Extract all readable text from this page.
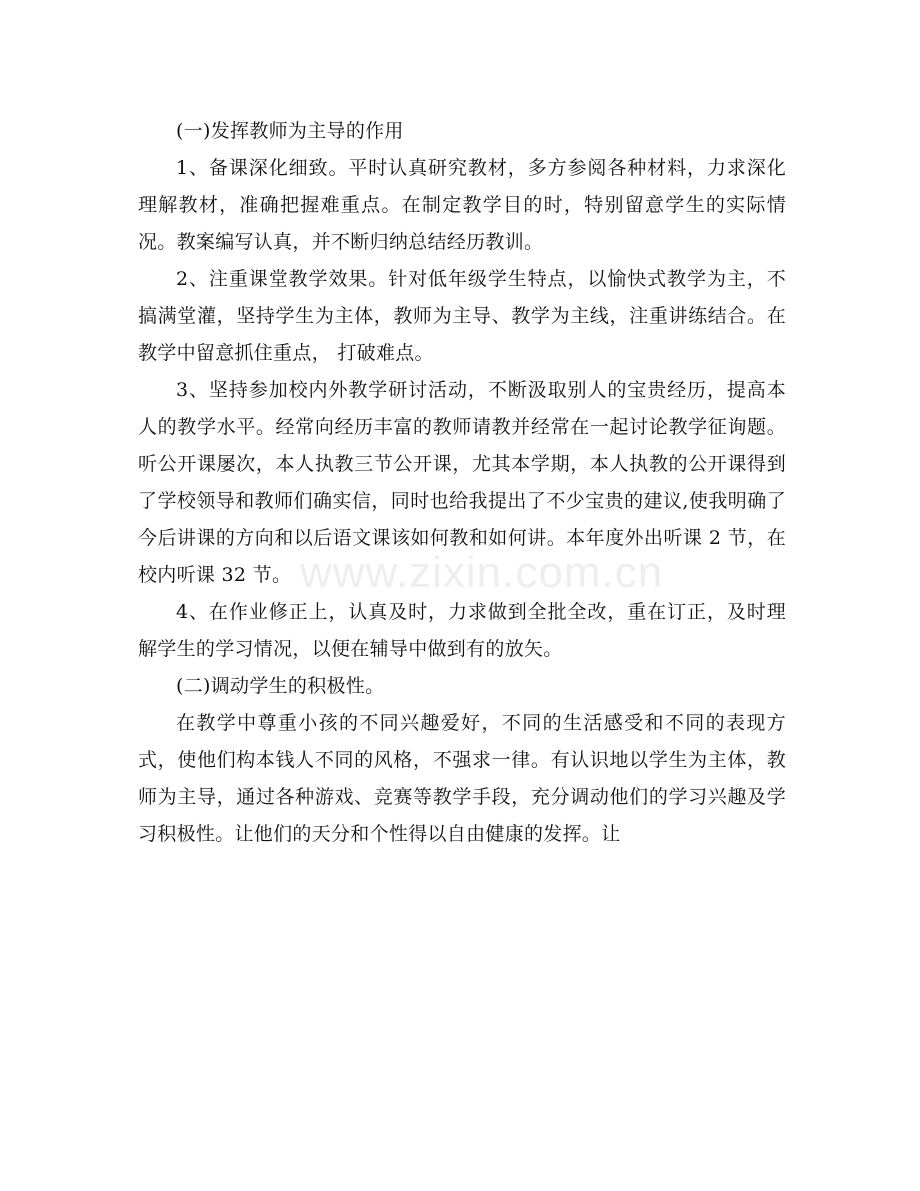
(一)发挥教师为主导的作用

1、备课深化细致。平时认真研究教材，多方参阅各种材料，力求深化理解教材，准确把握难重点。在制定教学目的时，特别留意学生的实际情况。教案编写认真，并不断归纳总结经历教训。

2、注重课堂教学效果。针对低年级学生特点，以愉快式教学为主，不搞满堂灌，坚持学生为主体，教师为主导、教学为主线，注重讲练结合。在教学中留意抓住重点， 打破难点。

3、坚持参加校内外教学研讨活动，不断汲取别人的宝贵经历，提高本人的教学水平。经常向经历丰富的教师请教并经常在一起讨论教学征询题。听公开课屡次，本人执教三节公开课，尤其本学期，本人执教的公开课得到了学校领导和教师们确实信，同时也给我提出了不少宝贵的建议,使我明确了今后讲课的方向和以后语文课该如何教和如何讲。本年度外出听课 2 节，在校内听课 32 节。

4、在作业修正上，认真及时，力求做到全批全改，重在订正，及时理解学生的学习情况，以便在辅导中做到有的放矢。

(二)调动学生的积极性。

在教学中尊重小孩的不同兴趣爱好，不同的生活感受和不同的表现方式，使他们构本钱人不同的风格，不强求一律。有认识地以学生为主体，教师为主导，通过各种游戏、竞赛等教学手段，充分调动他们的学习兴趣及学习积极性。让他们的天分和个性得以自由健康的发挥。让

www.zixin.com.cn
